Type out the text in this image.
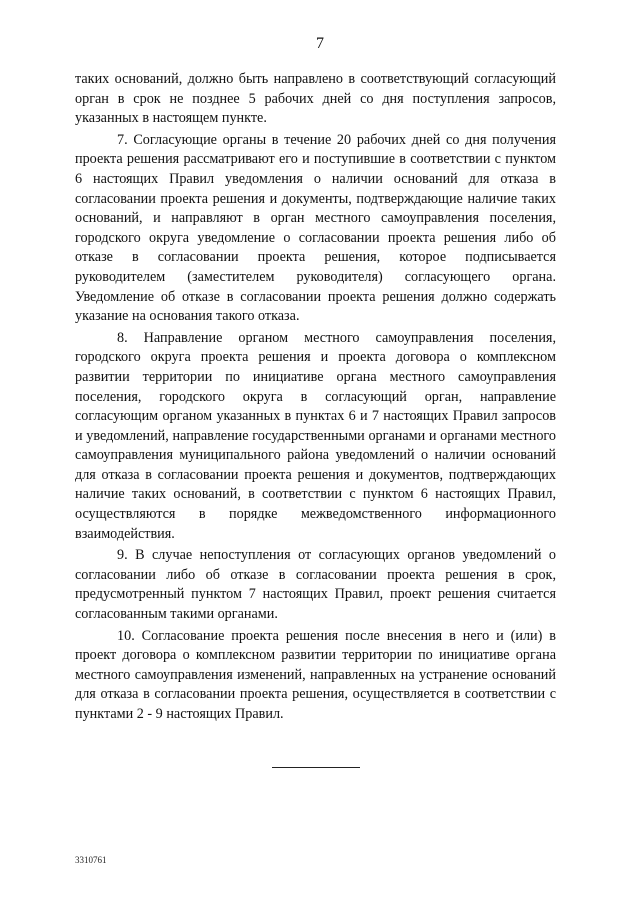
7

таких оснований, должно быть направлено в соответствующий согласующий орган в срок не позднее 5 рабочих дней со дня поступления запросов, указанных в настоящем пункте.

7. Согласующие органы в течение 20 рабочих дней со дня получения проекта решения рассматривают его и поступившие в соответствии с пунктом 6 настоящих Правил уведомления о наличии оснований для отказа в согласовании проекта решения и документы, подтверждающие наличие таких оснований, и направляют в орган местного самоуправления поселения, городского округа уведомление о согласовании проекта решения либо об отказе в согласовании проекта решения, которое подписывается руководителем (заместителем руководителя) согласующего органа. Уведомление об отказе в согласовании проекта решения должно содержать указание на основания такого отказа.

8. Направление органом местного самоуправления поселения, городского округа проекта решения и проекта договора о комплексном развитии территории по инициативе органа местного самоуправления поселения, городского округа в согласующий орган, направление согласующим органом указанных в пунктах 6 и 7 настоящих Правил запросов и уведомлений, направление государственными органами и органами местного самоуправления муниципального района уведомлений о наличии оснований для отказа в согласовании проекта решения и документов, подтверждающих наличие таких оснований, в соответствии с пунктом 6 настоящих Правил, осуществляются в порядке межведомственного информационного взаимодействия.

9. В случае непоступления от согласующих органов уведомлений о согласовании либо об отказе в согласовании проекта решения в срок, предусмотренный пунктом 7 настоящих Правил, проект решения считается согласованным такими органами.

10. Согласование проекта решения после внесения в него и (или) в проект договора о комплексном развитии территории по инициативе органа местного самоуправления изменений, направленных на устранение оснований для отказа в согласовании проекта решения, осуществляется в соответствии с пунктами 2 - 9 настоящих Правил.

3310761
